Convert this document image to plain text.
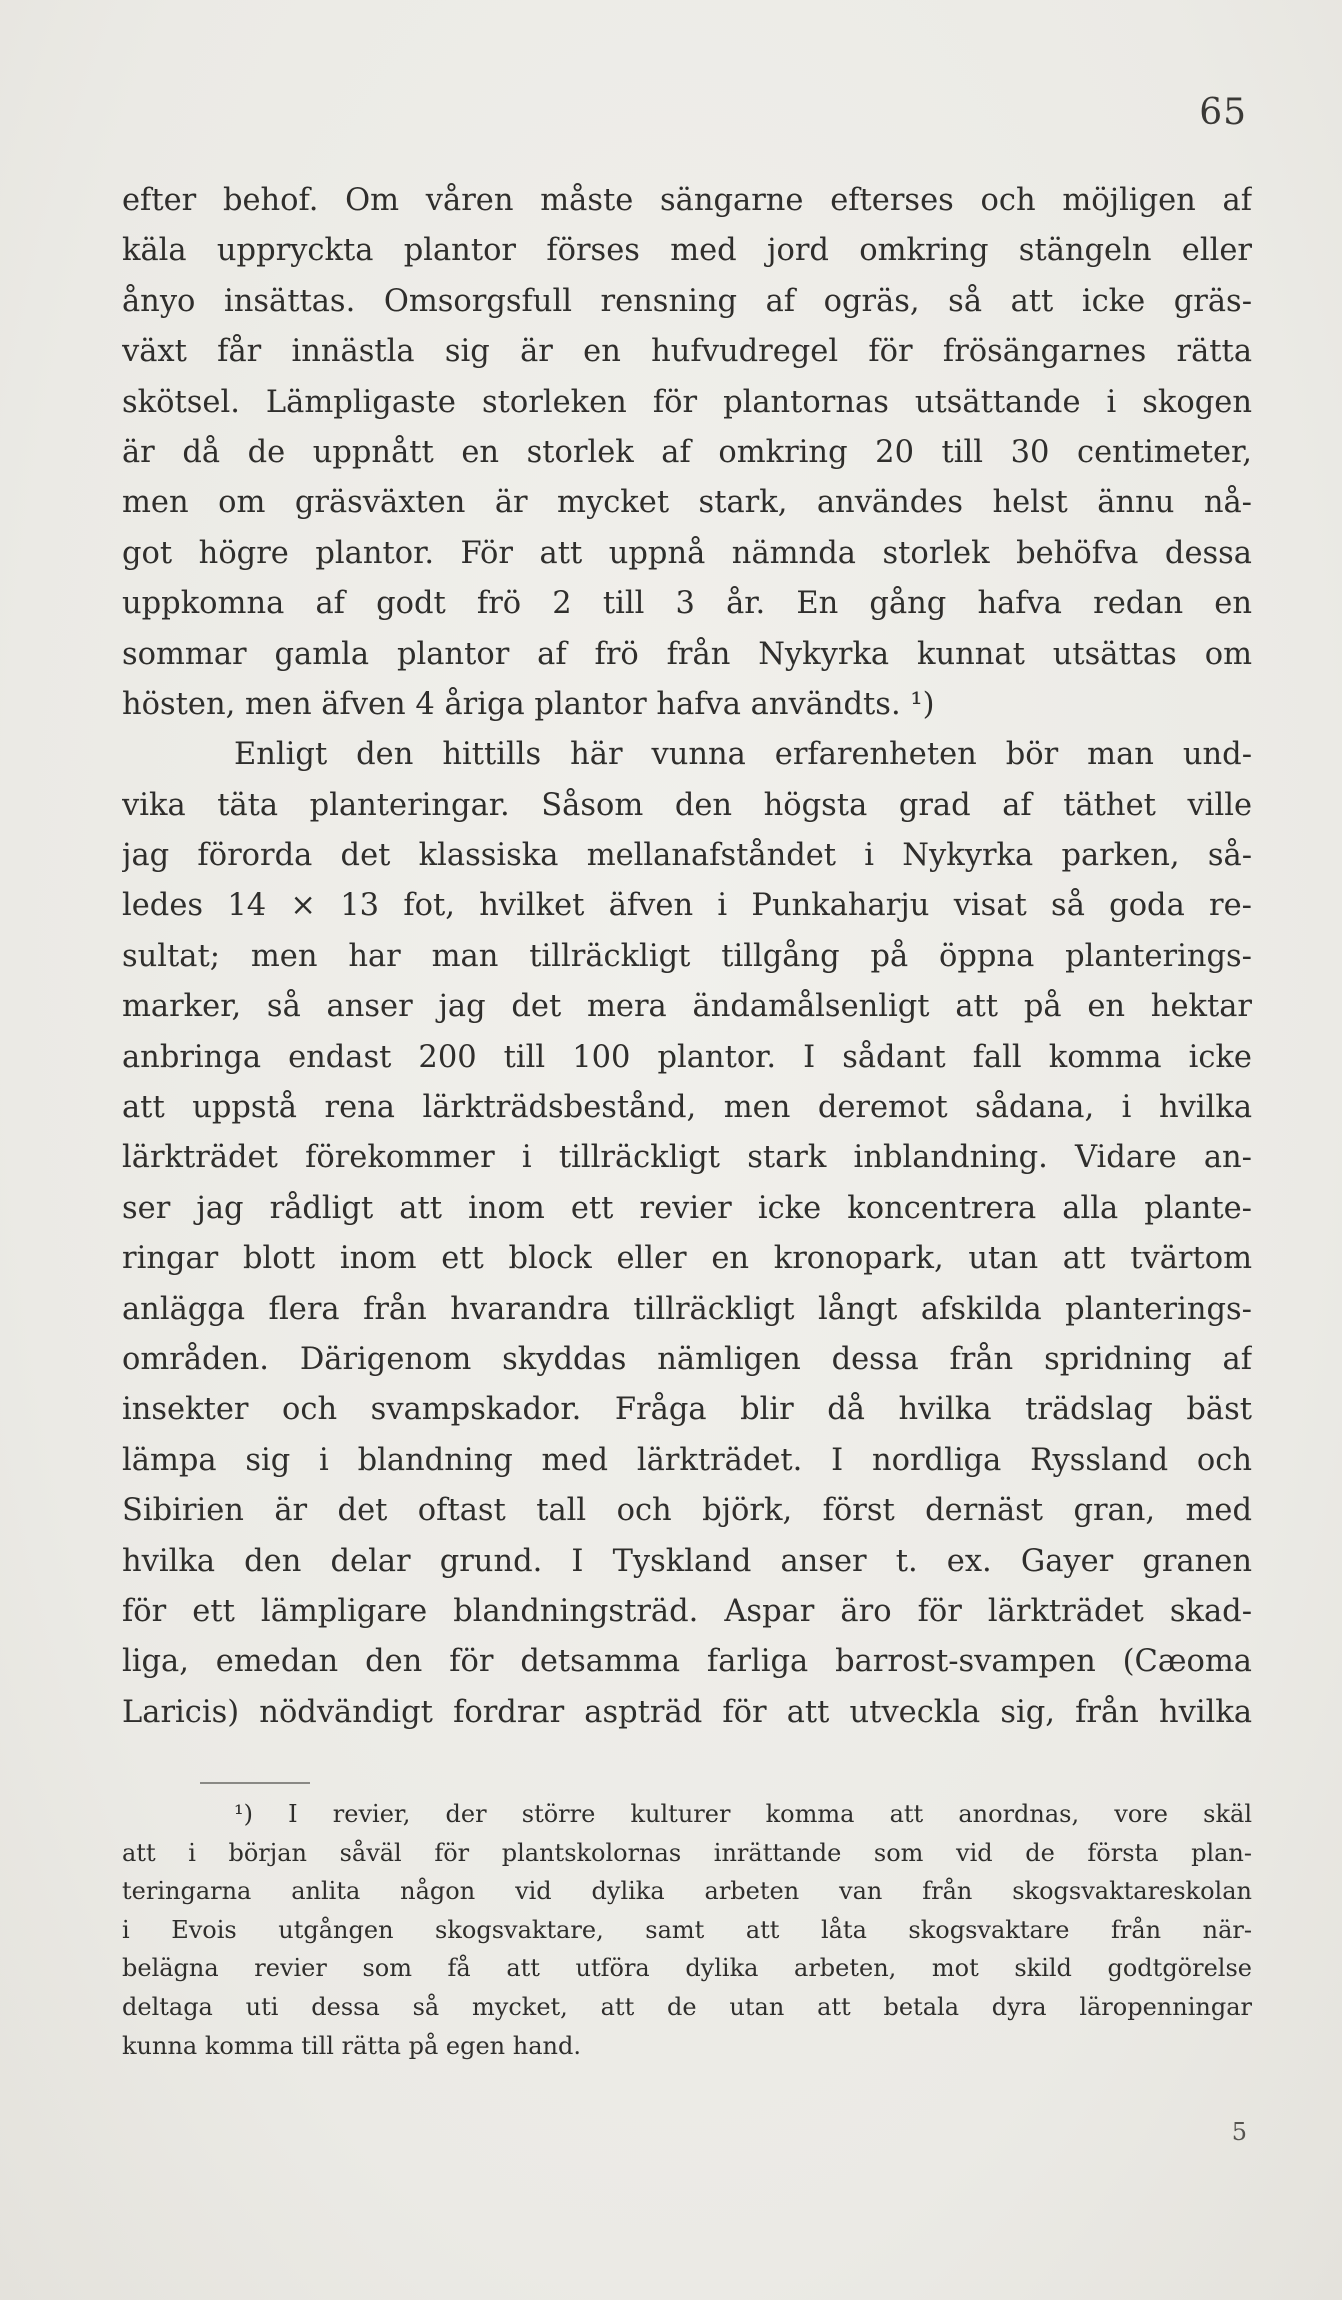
65
efter behof. Om våren måste sängarne efterses och möjligen af
käla uppryckta plantor förses med jord omkring stängeln eller
ånyo insättas. Omsorgsfull rensning af ogräs, så att icke gräs-
växt får innästla sig är en hufvudregel för frösängarnes rätta
skötsel. Lämpligaste storleken för plantornas utsättande i skogen
är då de uppnått en storlek af omkring 20 till 30 centimeter,
men om gräsväxten är mycket stark, användes helst ännu nå-
got högre plantor. För att uppnå nämnda storlek behöfva dessa
uppkomna af godt frö 2 till 3 år. En gång hafva redan en
sommar gamla plantor af frö från Nykyrka kunnat utsättas om
hösten, men äfven 4 åriga plantor hafva användts. ¹)
Enligt den hittills här vunna erfarenheten bör man und-
vika täta planteringar. Såsom den högsta grad af täthet ville
jag förorda det klassiska mellanafståndet i Nykyrka parken, så-
ledes 14 × 13 fot, hvilket äfven i Punkaharju visat så goda re-
sultat; men har man tillräckligt tillgång på öppna planterings-
marker, så anser jag det mera ändamålsenligt att på en hektar
anbringa endast 200 till 100 plantor. I sådant fall komma icke
att uppstå rena lärkträdsbestånd, men deremot sådana, i hvilka
lärkträdet förekommer i tillräckligt stark inblandning. Vidare an-
ser jag rådligt att inom ett revier icke koncentrera alla plante-
ringar blott inom ett block eller en kronopark, utan att tvärtom
anlägga flera från hvarandra tillräckligt långt afskilda planterings-
områden. Därigenom skyddas nämligen dessa från spridning af
insekter och svampskador. Fråga blir då hvilka trädslag bäst
lämpa sig i blandning med lärkträdet. I nordliga Ryssland och
Sibirien är det oftast tall och björk, först dernäst gran, med
hvilka den delar grund. I Tyskland anser t. ex. Gayer granen
för ett lämpligare blandningsträd. Aspar äro för lärkträdet skad-
liga, emedan den för detsamma farliga barrost-svampen (Cæoma
Laricis) nödvändigt fordrar aspträd för att utveckla sig, från hvilka
¹) I revier, der större kulturer komma att anordnas, vore skäl
att i början såväl för plantskolornas inrättande som vid de första plan-
teringarna anlita någon vid dylika arbeten van från skogsvaktareskolan
i Evois utgången skogsvaktare, samt att låta skogsvaktare från när-
belägna revier som få att utföra dylika arbeten, mot skild godtgörelse
deltaga uti dessa så mycket, att de utan att betala dyra läropenningar
kunna komma till rätta på egen hand.
5
